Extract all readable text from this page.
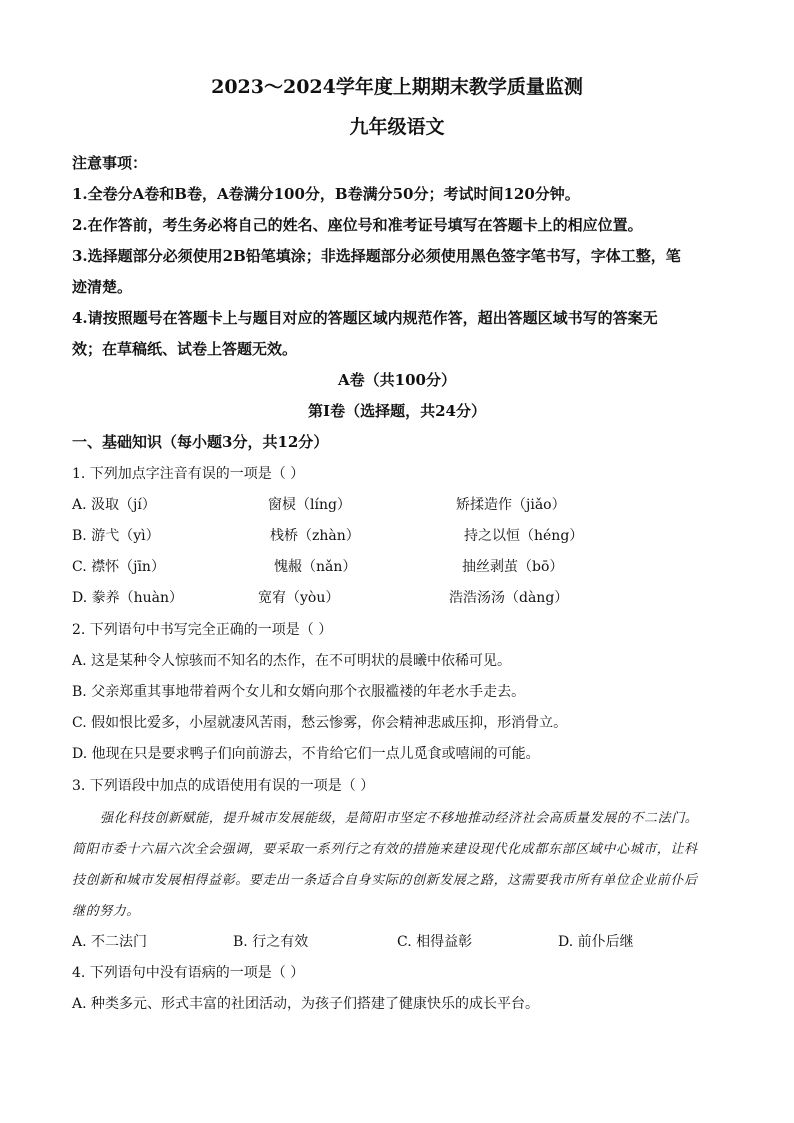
2023～2024学年度上期期末教学质量监测
九年级语文
注意事项：
1.全卷分A卷和B卷，A卷满分100分，B卷满分50分；考试时间120分钟。
2.在作答前，考生务必将自己的姓名、座位号和准考证号填写在答题卡上的相应位置。
3.选择题部分必须使用2B铅笔填涂；非选择题部分必须使用黑色签字笔书写，字体工整，笔
迹清楚。
4.请按照题号在答题卡上与题目对应的答题区域内规范作答，超出答题区域书写的答案无
效；在草稿纸、试卷上答题无效。
A卷（共100分）
第Ⅰ卷（选择题，共24分）
一、基础知识（每小题3分，共12分）
1. 下列加点字注音有误的一项是（ ）
A. 汲取（jí）	窗棂（líng）	矫揉造作（jiǎo）
B. 游弋（yì）	栈桥（zhàn）	持之以恒（héng）
C. 襟怀（jīn）	愧赧（nǎn）	抽丝剥茧（bō）
D. 豢养（huàn）	宽宥（yòu）	浩浩汤汤（dàng）
2. 下列语句中书写完全正确的一项是（ ）
A. 这是某种令人惊骇而不知名的杰作，在不可明状的晨曦中依稀可见。
B. 父亲郑重其事地带着两个女儿和女婿向那个衣服褴褛的年老水手走去。
C. 假如恨比爱多，小屋就凄风苦雨，愁云惨雾，你会精神悲戚压抑，形消骨立。
D. 他现在只是要求鸭子们向前游去，不肯给它们一点儿觅食或嘻闹的可能。
3. 下列语段中加点的成语使用有误的一项是（ ）
强化科技创新赋能，提升城市发展能级，是简阳市坚定不移地推动经济社会高质量发展的不二法门。
简阳市委十六届六次全会强调，要采取一系列行之有效的措施来建设现代化成都东部区域中心城市，让科
技创新和城市发展相得益彰。要走出一条适合自身实际的创新发展之路，这需要我市所有单位企业前仆后
继的努力。
A. 不二法门	B. 行之有效	C. 相得益彰	D. 前仆后继
4. 下列语句中没有语病的一项是（ ）
A. 种类多元、形式丰富的社团活动，为孩子们搭建了健康快乐的成长平台。
